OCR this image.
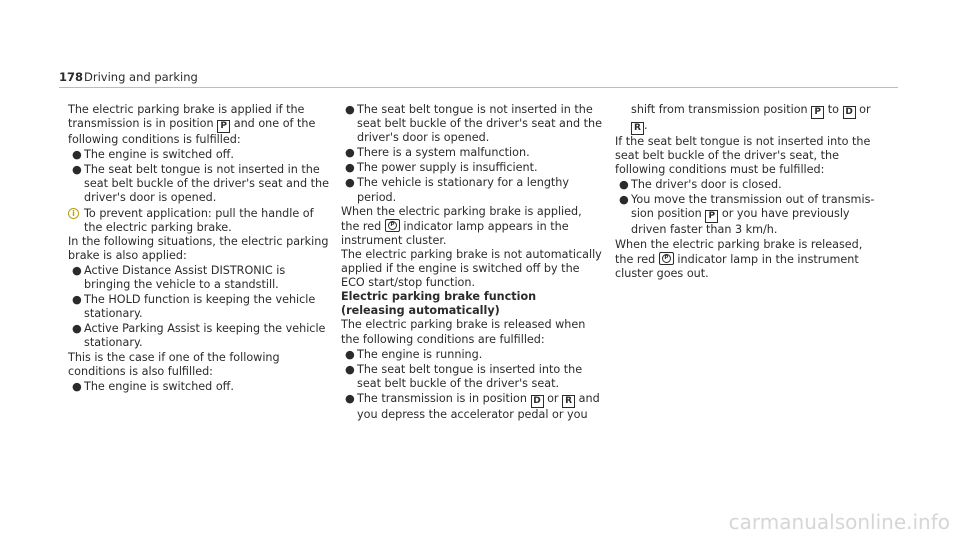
178 Driving and parking

The electric parking brake is applied if the transmission is in position P and one of the following conditions is fulfilled:

● The engine is switched off.
● The seat belt tongue is not inserted in the seat belt buckle of the driver's seat and the driver's door is opened.
i To prevent application: pull the handle of the electric parking brake.

In the following situations, the electric parking brake is also applied:

● Active Distance Assist DISTRONIC is bringing the vehicle to a standstill.
● The HOLD function is keeping the vehicle stationary.
● Active Parking Assist is keeping the vehicle stationary.

This is the case if one of the following conditions is also fulfilled:

● The engine is switched off.
● The seat belt tongue is not inserted in the seat belt buckle of the driver's seat and the driver's door is opened.
● There is a system malfunction.
● The power supply is insufficient.
● The vehicle is stationary for a lengthy period.

When the electric parking brake is applied, the red	P indicator lamp appears in the instrument cluster.

The electric parking brake is not automatically applied if the engine is switched off by the ECO start/stop function.

Electric parking brake function (releasing automatically)

The electric parking brake is released when the following conditions are fulfilled:

● The engine is running.
● The seat belt tongue is inserted into the seat belt buckle of the driver's seat.
● The transmission is in position D or R and you depress the accelerator pedal or you

shift from transmission position P to D or R .

If the seat belt tongue is not inserted into the seat belt buckle of the driver's seat, the following conditions must be fulfilled:

● The driver's door is closed.
● You move the transmission out of transmission position P or you have previously driven faster than 3 km/h.

When the electric parking brake is released, the red	P indicator lamp in the instrument cluster goes out.

carmanualsonline.info
